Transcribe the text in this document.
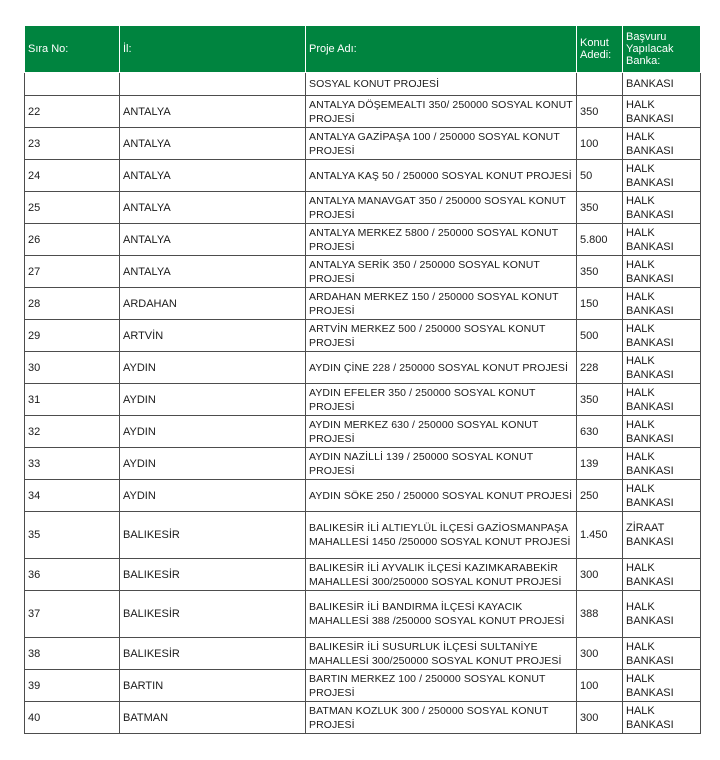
Sıra No:	İl:	Proje Adı:	Konut Adedi:	Başvuru Yapılacak Banka:
		SOSYAL KONUT PROJESİ		BANKASI
22	ANTALYA	ANTALYA DÖŞEMEALTI 350/ 250000 SOSYAL KONUT PROJESİ	350	HALK BANKASI
23	ANTALYA	ANTALYA GAZİPAŞA 100 / 250000 SOSYAL KONUT PROJESİ	100	HALK BANKASI
24	ANTALYA	ANTALYA KAŞ 50 / 250000 SOSYAL KONUT PROJESİ	50	HALK BANKASI
25	ANTALYA	ANTALYA MANAVGAT 350 / 250000 SOSYAL KONUT PROJESİ	350	HALK BANKASI
26	ANTALYA	ANTALYA MERKEZ 5800 / 250000 SOSYAL KONUT PROJESİ	5.800	HALK BANKASI
27	ANTALYA	ANTALYA SERİK 350 / 250000 SOSYAL KONUT PROJESİ	350	HALK BANKASI
28	ARDAHAN	ARDAHAN MERKEZ 150 / 250000 SOSYAL KONUT PROJESİ	150	HALK BANKASI
29	ARTVİN	ARTVİN MERKEZ 500 / 250000 SOSYAL KONUT PROJESİ	500	HALK BANKASI
30	AYDIN	AYDIN ÇİNE 228 / 250000 SOSYAL KONUT PROJESİ	228	HALK BANKASI
31	AYDIN	AYDIN EFELER 350 / 250000 SOSYAL KONUT PROJESİ	350	HALK BANKASI
32	AYDIN	AYDIN MERKEZ 630 / 250000 SOSYAL KONUT PROJESİ	630	HALK BANKASI
33	AYDIN	AYDIN NAZİLLİ 139 / 250000 SOSYAL KONUT PROJESİ	139	HALK BANKASI
34	AYDIN	AYDIN SÖKE 250 / 250000 SOSYAL KONUT PROJESİ	250	HALK BANKASI
35	BALIKESİR	BALIKESİR İLİ ALTIEYLÜL İLÇESİ GAZİOSMANPAŞA MAHALLESİ 1450 /250000 SOSYAL KONUT PROJESİ	1.450	ZİRAAT BANKASI
36	BALIKESİR	BALIKESİR İLİ AYVALIK İLÇESİ KAZIMKARABEKİR MAHALLESİ 300/250000 SOSYAL KONUT PROJESİ	300	HALK BANKASI
37	BALIKESİR	BALIKESİR İLİ BANDIRMA İLÇESİ KAYACIK MAHALLESİ 388 /250000 SOSYAL KONUT PROJESİ	388	HALK BANKASI
38	BALIKESİR	BALIKESİR İLİ SUSURLUK İLÇESİ SULTANİYE MAHALLESİ 300/250000 SOSYAL KONUT PROJESİ	300	HALK BANKASI
39	BARTIN	BARTIN MERKEZ 100 / 250000 SOSYAL KONUT PROJESİ	100	HALK BANKASI
40	BATMAN	BATMAN KOZLUK 300 / 250000 SOSYAL KONUT PROJESİ	300	HALK BANKASI
